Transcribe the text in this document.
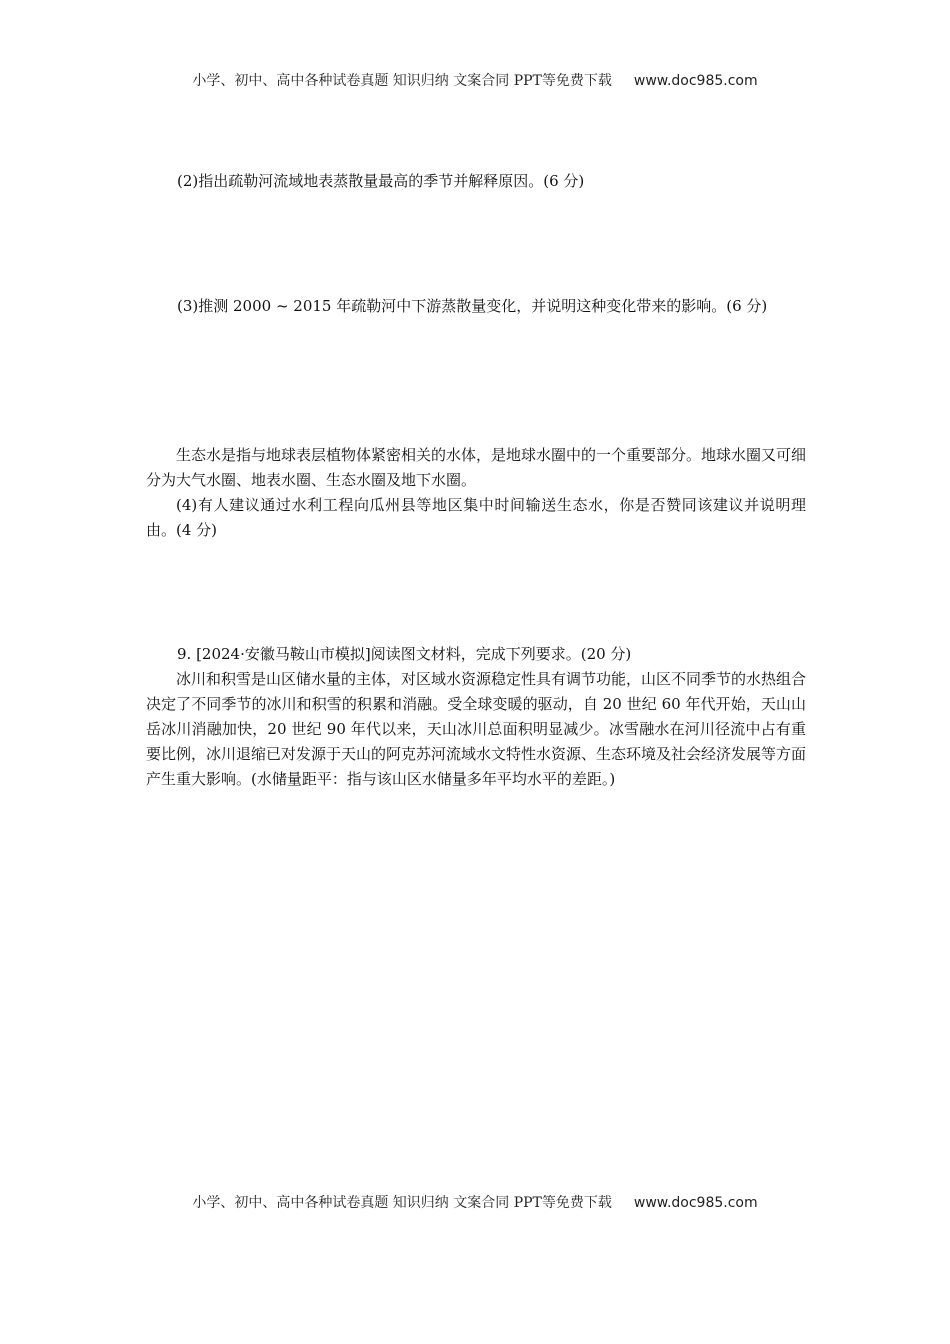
小学、初中、高中各种试卷真题 知识归纳 文案合同 PPT等免费下载 www.doc985.com
(2)指出疏勒河流域地表蒸散量最高的季节并解释原因。(6 分)
(3)推测 2000 ~ 2015 年疏勒河中下游蒸散量变化，并说明这种变化带来的影响。(6 分)

生态水是指与地球表层植物体紧密相关的水体，是地球水圈中的一个重要部分。地球水圈又可细分为大气水圈、地表水圈、生态水圈及地下水圈。

(4)有人建议通过水利工程向瓜州县等地区集中时间输送生态水，你是否赞同该建议并说明理由。(4 分)

9. [2024·安徽马鞍山市模拟]阅读图文材料，完成下列要求。(20 分)

冰川和积雪是山区储水量的主体，对区域水资源稳定性具有调节功能，山区不同季节的水热组合决定了不同季节的冰川和积雪的积累和消融。受全球变暖的驱动，自 20 世纪 60 年代开始，天山山岳冰川消融加快，20 世纪 90 年代以来，天山冰川总面积明显减少。冰雪融水在河川径流中占有重要比例，冰川退缩已对发源于天山的阿克苏河流域水文特性水资源、生态环境及社会经济发展等方面产生重大影响。(水储量距平：指与该山区水储量多年平均水平的差距。)

小学、初中、高中各种试卷真题 知识归纳 文案合同 PPT等免费下载 www.doc985.com
